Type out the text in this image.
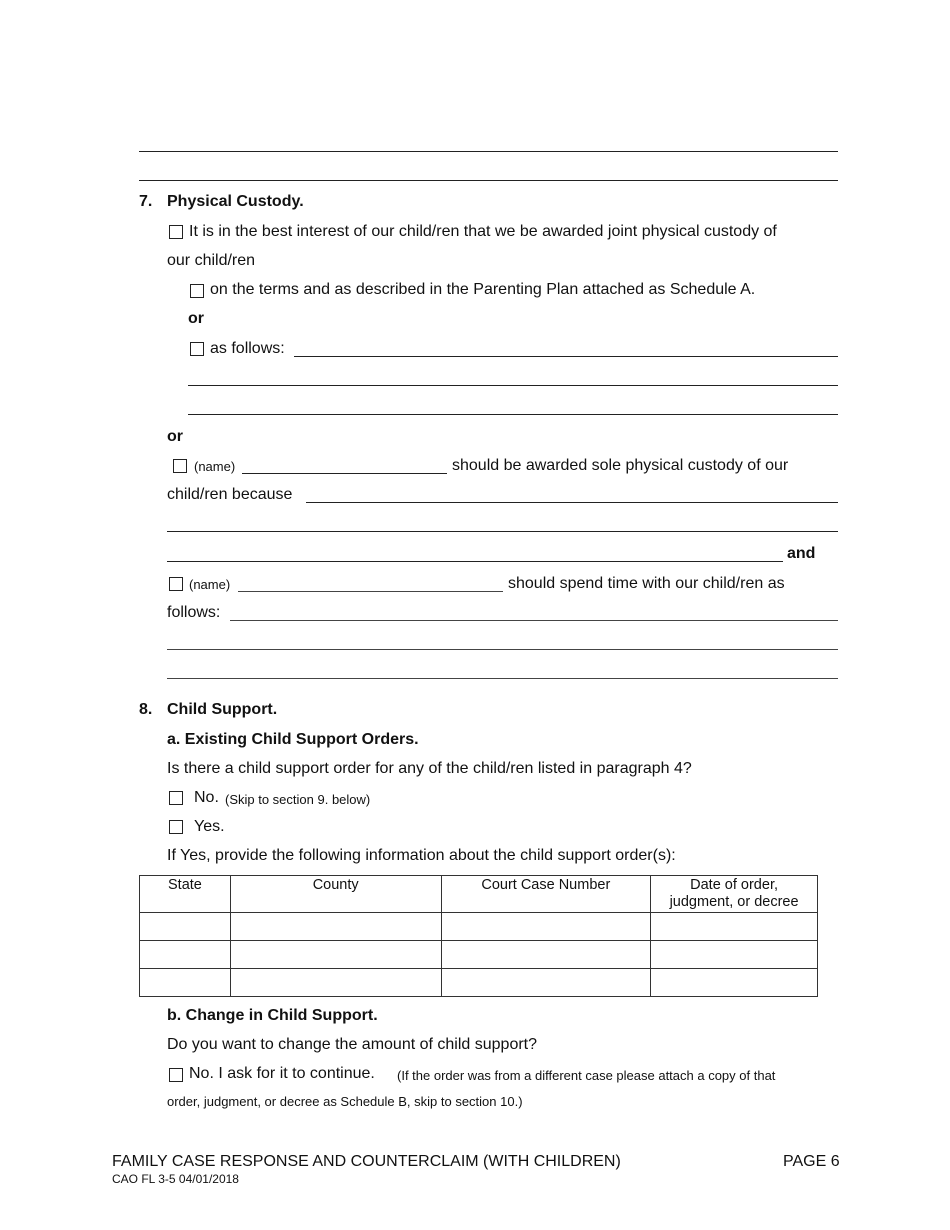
7. Physical Custody.
It is in the best interest of our child/ren that we be awarded joint physical custody of
our child/ren
on the terms and as described in the Parenting Plan attached as Schedule A.
or
as follows:
or
(name)	should be awarded sole physical custody of our
child/ren because
and
(name)	should spend time with our child/ren as
follows:
8. Child Support.
a. Existing Child Support Orders.
Is there a child support order for any of the child/ren listed in paragraph 4?
No. (Skip to section 9. below)
Yes.
If Yes, provide the following information about the child support order(s):
State	County	Court Case Number	Date of order, judgment, or decree

b. Change in Child Support.
Do you want to change the amount of child support?
No. I ask for it to continue. (If the order was from a different case please attach a copy of that
order, judgment, or decree as Schedule B, skip to section 10.)
FAMILY CASE RESPONSE AND COUNTERCLAIM (WITH CHILDREN)
CAO FL 3-5 04/01/2018
PAGE 6
